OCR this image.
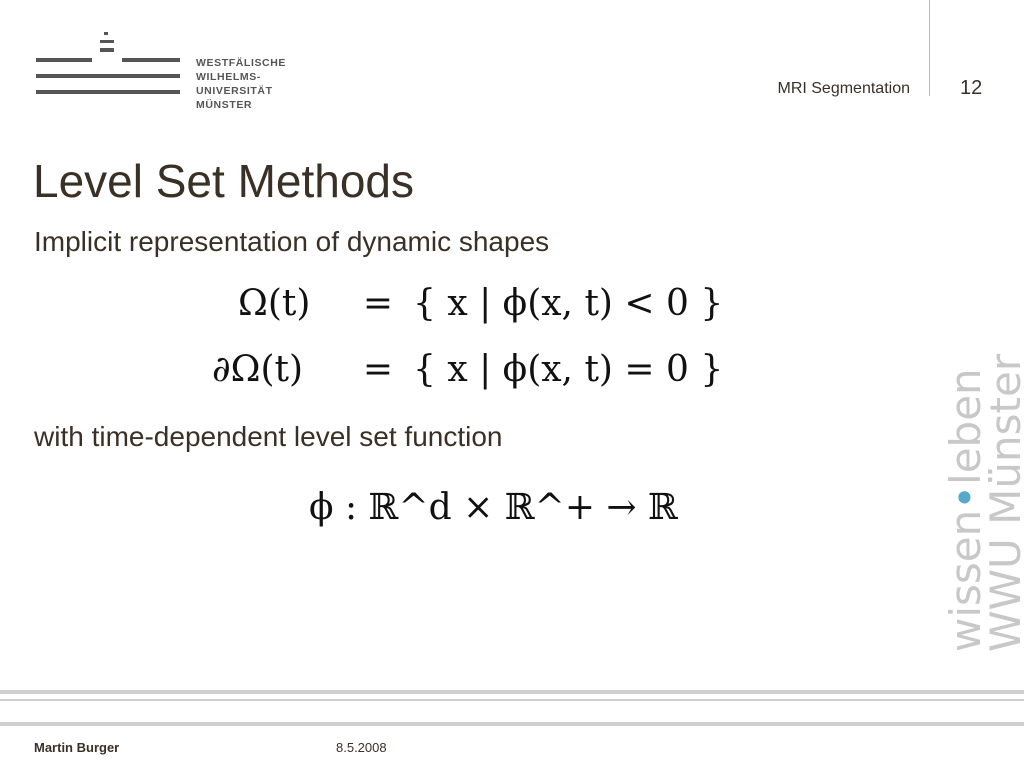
WESTFÄLISCHE
WILHELMS-UNIVERSITÄT
MÜNSTER
MRI Segmentation	12
Level Set Methods
Implicit representation of dynamic shapes
Ω(t) = { x | ϕ(x, t) < 0 }
∂Ω(t) = { x | ϕ(x, t) = 0 }
with time-dependent level set function
ϕ : ℝ^d × ℝ^+ → ℝ
wissen•leben
WWU Münster
Martin Burger	8.5.2008
